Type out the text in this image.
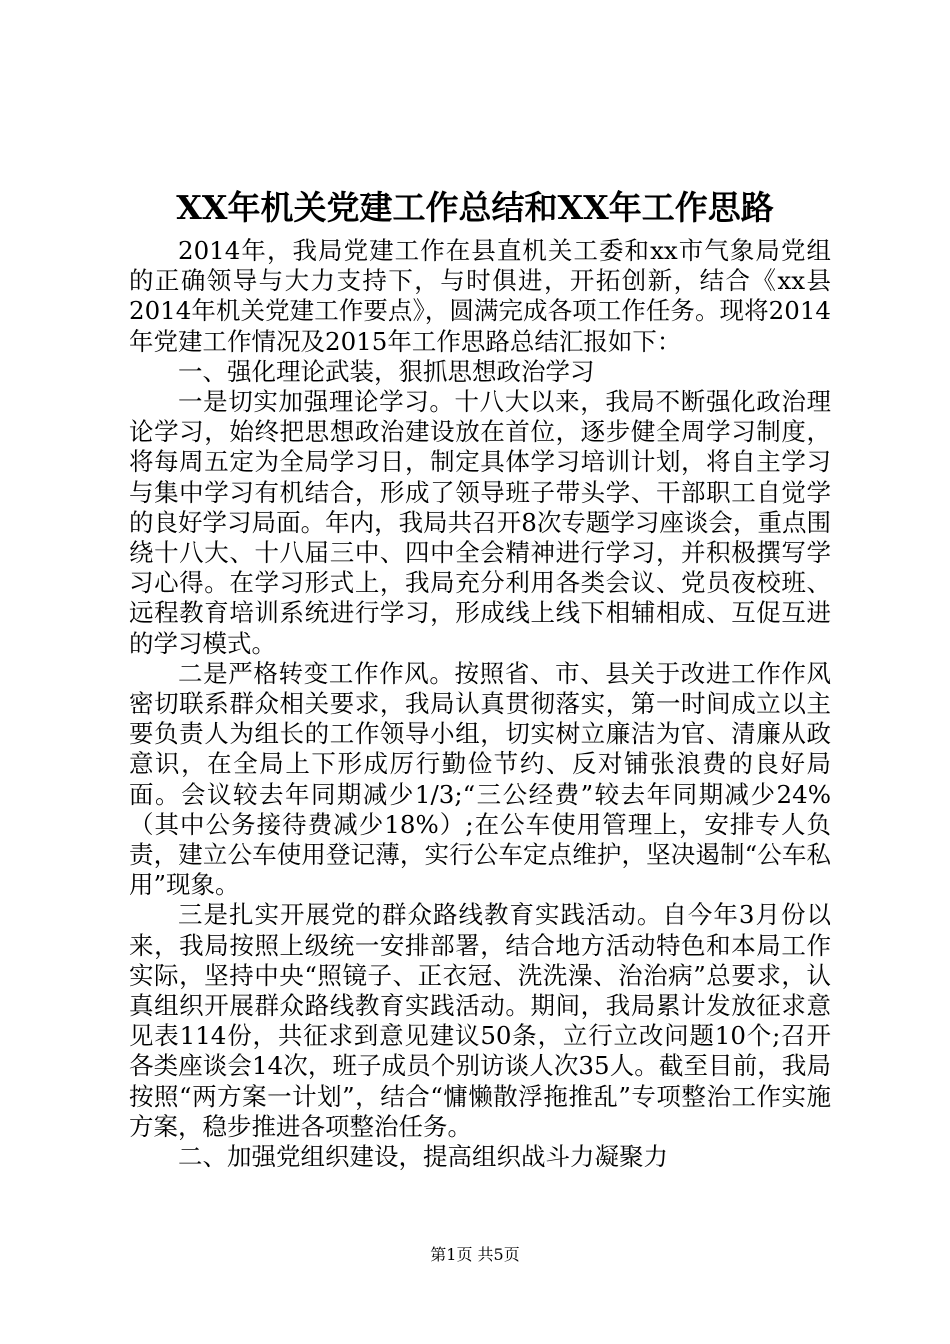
XX年机关党建工作总结和XX年工作思路

2014年，我局党建工作在县直机关工委和xx市气象局党组的正确领导与大力支持下，与时俱进，开拓创新，结合《xx县2014年机关党建工作要点》，圆满完成各项工作任务。现将2014年党建工作情况及2015年工作思路总结汇报如下：

一、强化理论武装，狠抓思想政治学习

一是切实加强理论学习。十八大以来，我局不断强化政治理论学习，始终把思想政治建设放在首位，逐步健全周学习制度，将每周五定为全局学习日，制定具体学习培训计划，将自主学习与集中学习有机结合，形成了领导班子带头学、干部职工自觉学的良好学习局面。年内，我局共召开8次专题学习座谈会，重点围绕十八大、十八届三中、四中全会精神进行学习，并积极撰写学习心得。在学习形式上，我局充分利用各类会议、党员夜校班、远程教育培训系统进行学习，形成线上线下相辅相成、互促互进的学习模式。

二是严格转变工作作风。按照省、市、县关于改进工作作风密切联系群众相关要求，我局认真贯彻落实，第一时间成立以主要负责人为组长的工作领导小组，切实树立廉洁为官、清廉从政意识，在全局上下形成厉行勤俭节约、反对铺张浪费的良好局面。会议较去年同期减少1/3;“三公经费”较去年同期减少24%（其中公务接待费减少18%）;在公车使用管理上，安排专人负责，建立公车使用登记薄，实行公车定点维护，坚决遏制“公车私用”现象。

三是扎实开展党的群众路线教育实践活动。自今年3月份以来，我局按照上级统一安排部署，结合地方活动特色和本局工作实际，坚持中央“照镜子、正衣冠、洗洗澡、治治病”总要求，认真组织开展群众路线教育实践活动。期间，我局累计发放征求意见表114份，共征求到意见建议50条，立行立改问题10个;召开各类座谈会14次，班子成员个别访谈人次35人。截至目前，我局按照“两方案一计划”，结合“慵懒散浮拖推乱”专项整治工作实施方案，稳步推进各项整治任务。

二、加强党组织建设，提高组织战斗力凝聚力

第1页 共5页
